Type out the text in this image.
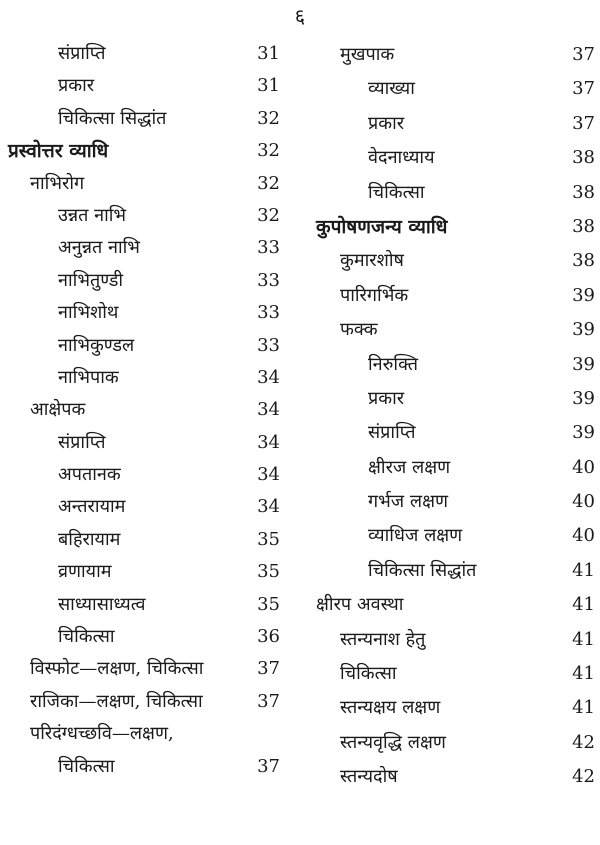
६
संप्राप्ति	31
प्रकार	31
चिकित्सा सिद्धांत	32
प्रस्वोत्तर व्याधि	32
नाभिरोग	32
उन्नत नाभि	32
अनुन्नत नाभि	33
नाभितुण्डी	33
नाभिशोथ	33
नाभिकुण्डल	33
नाभिपाक	34
आक्षेपक	34
संप्राप्ति	34
अपतानक	34
अन्तरायाम	34
बहिरायाम	35
व्रणायाम	35
साध्यासाध्यत्व	35
चिकित्सा	36
विस्फोट—लक्षण, चिकित्सा	37
राजिका—लक्षण, चिकित्सा	37
परिदंग्धच्छवि—लक्षण,
चिकित्सा	37
मुखपाक	37
व्याख्या	37
प्रकार	37
वेदनाध्याय	38
चिकित्सा	38
कुपोषणजन्य व्याधि	38
कुमारशोष	38
पारिगर्भिक	39
फक्क	39
निरुक्ति	39
प्रकार	39
संप्राप्ति	39
क्षीरज लक्षण	40
गर्भज लक्षण	40
व्याधिज लक्षण	40
चिकित्सा सिद्धांत	41
क्षीरप अवस्था	41
स्तन्यनाश हेतु	41
चिकित्सा	41
स्तन्यक्षय लक्षण	41
स्तन्यवृद्धि लक्षण	42
स्तन्यदोष	42
